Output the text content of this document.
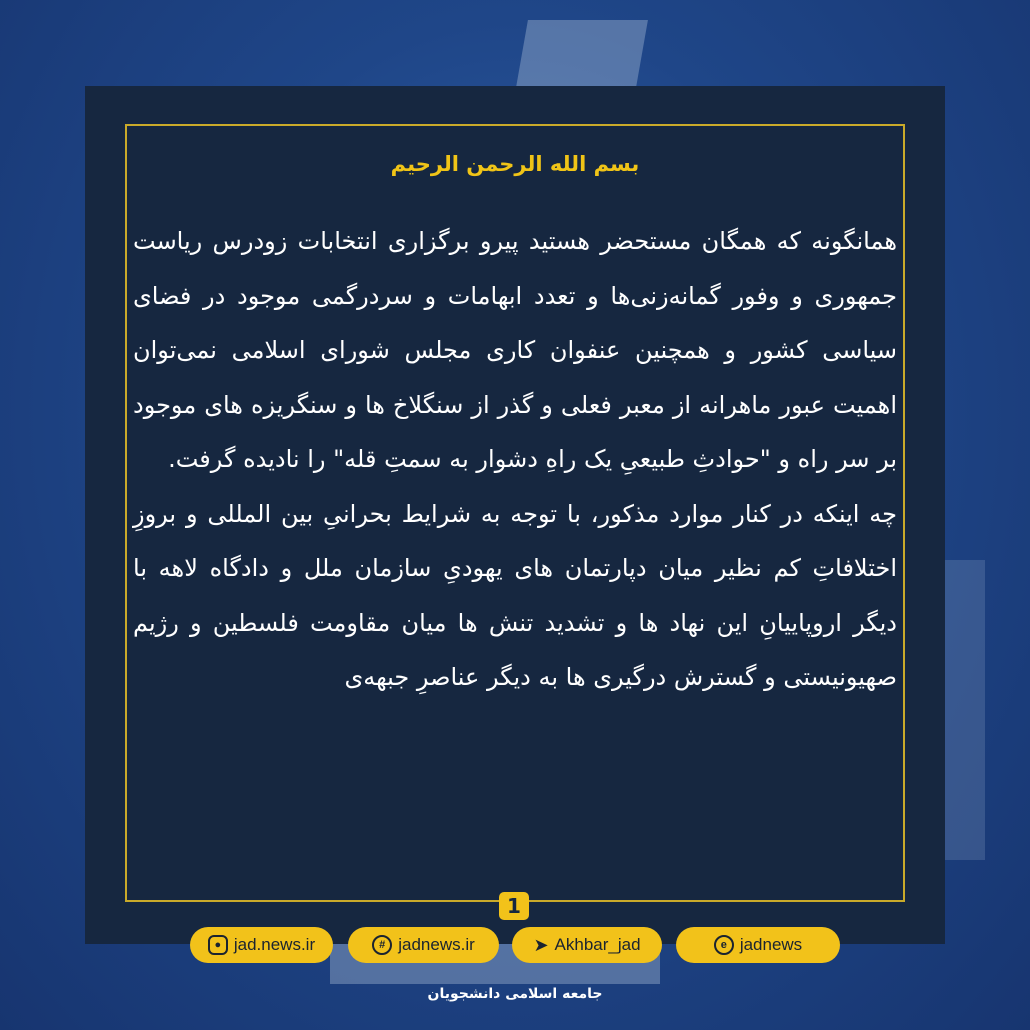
بسم الله الرحمن الرحیم

همانگونه که همگان مستحضر هستید پیرو برگزاری انتخابات زودرس ریاست جمهوری و وفور گمانه‌زنی‌ها و تعدد ابهامات و سردرگمی موجود در فضای سیاسی کشور و همچنین عنفوان کاری مجلس شورای اسلامی نمی‌توان اهمیت عبور ماهرانه از معبر فعلی و گذر از سنگلاخ ها و سنگریزه های موجود بر سر راه و "حوادثِ طبیعیِ یک راهِ دشوار به سمتِ قله" را نادیده گرفت.

چه اینکه در کنار موارد مذکور، با توجه به شرایط بحرانیِ بین المللی و بروزِ اختلافاتِ کم نظیر میان دپارتمان های یهودیِ سازمان ملل و دادگاه لاهه با دیگر اروپاییانِ این نهاد ها و تشدید تنش ها میان مقاومت فلسطین و رژیم صهیونیستی و گسترش درگیری ها به دیگر عناصرِ جبهه‌ی

1
● jad.news.ir	# jadnews.ir	➤ Akhbar_jad	e jadnews
جامعه اسلامی دانشجویان
